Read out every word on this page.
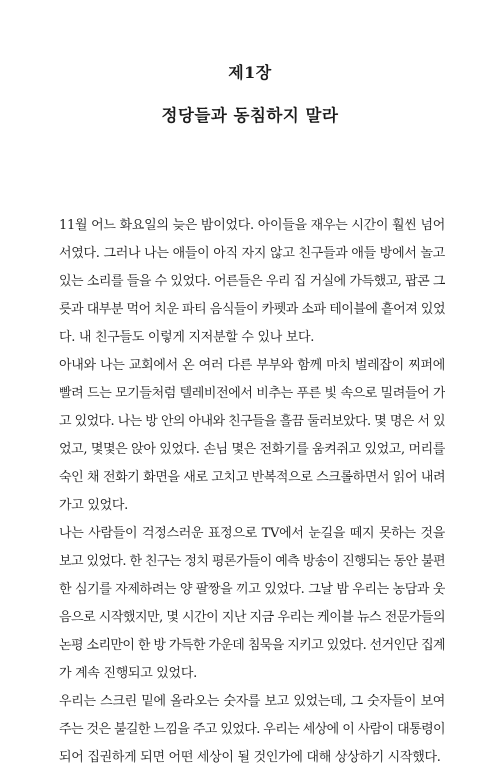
제1장
정당들과 동침하지 말라
11월 어느 화요일의 늦은 밤이었다. 아이들을 재우는 시간이 훨씬 넘어
서였다. 그러나 나는 애들이 아직 자지 않고 친구들과 애들 방에서 놀고
있는 소리를 들을 수 있었다. 어른들은 우리 집 거실에 가득했고, 팝콘 그
릇과 대부분 먹어 치운 파티 음식들이 카펫과 소파 테이블에 흩어져 있었
다. 내 친구들도 이렇게 지저분할 수 있나 보다.
아내와 나는 교회에서 온 여러 다른 부부와 함께 마치 벌레잡이 찌퍼에
빨려 드는 모기들처럼 텔레비전에서 비추는 푸른 빛 속으로 밀려들어 가
고 있었다. 나는 방 안의 아내와 친구들을 흘끔 둘러보았다. 몇 명은 서 있
었고, 몇몇은 앉아 있었다. 손님 몇은 전화기를 움켜쥐고 있었고, 머리를
숙인 채 전화기 화면을 새로 고치고 반복적으로 스크롤하면서 읽어 내려
가고 있었다.
나는 사람들이 걱정스러운 표정으로 TV에서 눈길을 떼지 못하는 것을
보고 있었다. 한 친구는 정치 평론가들이 예측 방송이 진행되는 동안 불편
한 심기를 자제하려는 양 팔짱을 끼고 있었다. 그날 밤 우리는 농담과 웃
음으로 시작했지만, 몇 시간이 지난 지금 우리는 케이블 뉴스 전문가들의
논평 소리만이 한 방 가득한 가운데 침묵을 지키고 있었다. 선거인단 집계
가 계속 진행되고 있었다.
우리는 스크린 밑에 올라오는 숫자를 보고 있었는데, 그 숫자들이 보여
주는 것은 불길한 느낌을 주고 있었다. 우리는 세상에 이 사람이 대통령이
되어 집권하게 되면 어떤 세상이 될 것인가에 대해 상상하기 시작했다.
